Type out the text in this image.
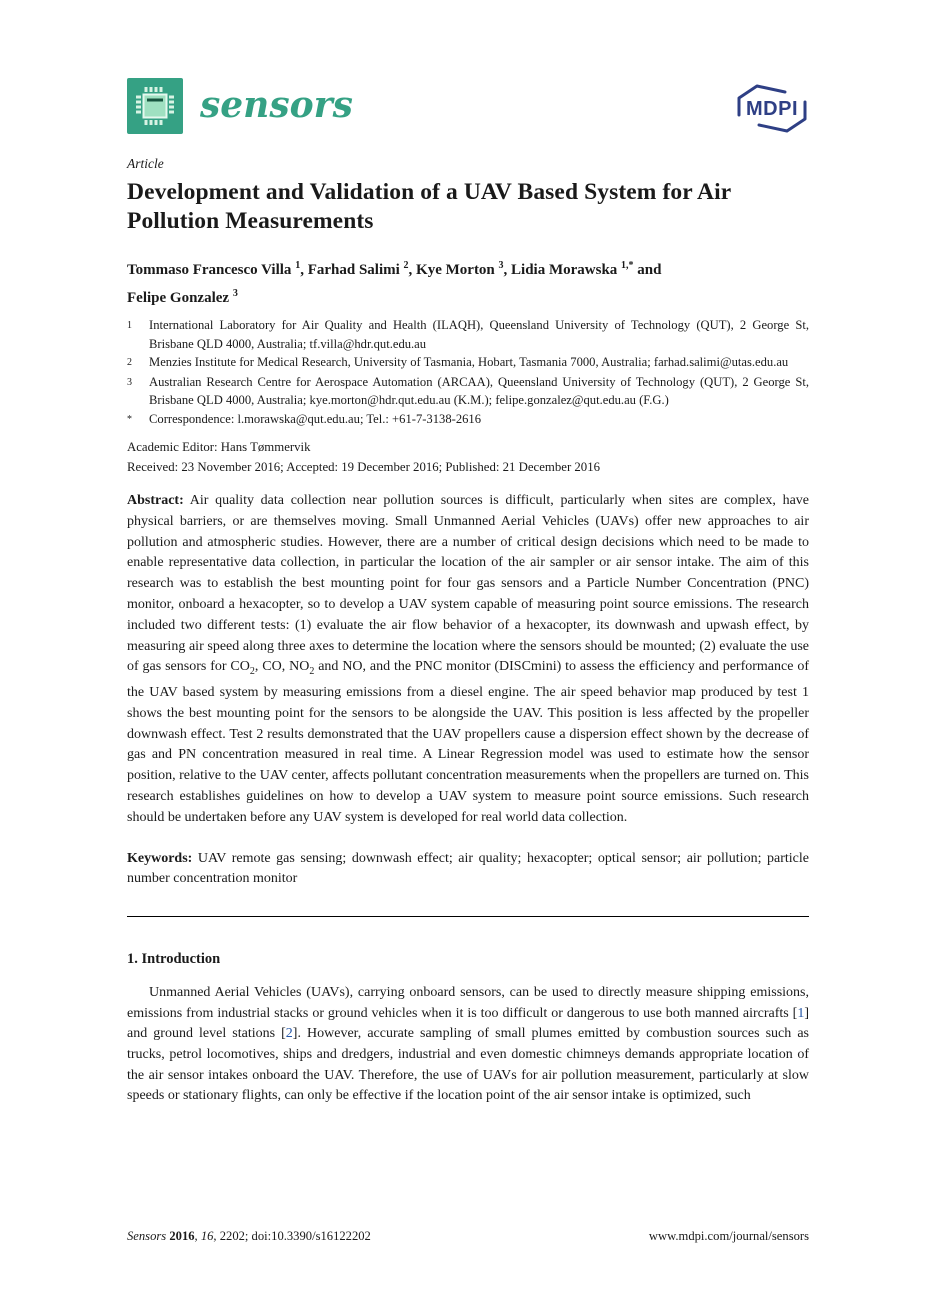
sensors	MDPI
Article
Development and Validation of a UAV Based System for Air Pollution Measurements
Tommaso Francesco Villa $^1$, Farhad Salimi $^2$, Kye Morton $^3$, Lidia Morawska $^{1,*}$ and
Felipe Gonzalez $^3$
1	International Laboratory for Air Quality and Health (ILAQH), Queensland University of Technology (QUT), 2 George St, Brisbane QLD 4000, Australia; tf.villa@hdr.qut.edu.au
2	Menzies Institute for Medical Research, University of Tasmania, Hobart, Tasmania 7000, Australia; farhad.salimi@utas.edu.au
3	Australian Research Centre for Aerospace Automation (ARCAA), Queensland University of Technology (QUT), 2 George St, Brisbane QLD 4000, Australia; kye.morton@hdr.qut.edu.au (K.M.); felipe.gonzalez@qut.edu.au (F.G.)
*	Correspondence: l.morawska@qut.edu.au; Tel.: +61-7-3138-2616
Academic Editor: Hans Tømmervik
Received: 23 November 2016; Accepted: 19 December 2016; Published: 21 December 2016

Abstract: Air quality data collection near pollution sources is difficult, particularly when sites are complex, have physical barriers, or are themselves moving. Small Unmanned Aerial Vehicles (UAVs) offer new approaches to air pollution and atmospheric studies. However, there are a number of critical design decisions which need to be made to enable representative data collection, in particular the location of the air sampler or air sensor intake. The aim of this research was to establish the best mounting point for four gas sensors and a Particle Number Concentration (PNC) monitor, onboard a hexacopter, so to develop a UAV system capable of measuring point source emissions. The research included two different tests: (1) evaluate the air flow behavior of a hexacopter, its downwash and upwash effect, by measuring air speed along three axes to determine the location where the sensors should be mounted; (2) evaluate the use of gas sensors for $CO_2$, CO, $NO_2$ and NO, and the PNC monitor (DISCmini) to assess the efficiency and performance of the UAV based system by measuring emissions from a diesel engine. The air speed behavior map produced by test 1 shows the best mounting point for the sensors to be alongside the UAV. This position is less affected by the propeller downwash effect. Test 2 results demonstrated that the UAV propellers cause a dispersion effect shown by the decrease of gas and PN concentration measured in real time. A Linear Regression model was used to estimate how the sensor position, relative to the UAV center, affects pollutant concentration measurements when the propellers are turned on. This research establishes guidelines on how to develop a UAV system to measure point source emissions. Such research should be undertaken before any UAV system is developed for real world data collection.

Keywords: UAV remote gas sensing; downwash effect; air quality; hexacopter; optical sensor; air pollution; particle number concentration monitor

1. Introduction

Unmanned Aerial Vehicles (UAVs), carrying onboard sensors, can be used to directly measure shipping emissions, emissions from industrial stacks or ground vehicles when it is too difficult or dangerous to use both manned aircrafts [1] and ground level stations [2]. However, accurate sampling of small plumes emitted by combustion sources such as trucks, petrol locomotives, ships and dredgers, industrial and even domestic chimneys demands appropriate location of the air sensor intakes onboard the UAV. Therefore, the use of UAVs for air pollution measurement, particularly at slow speeds or stationary flights, can only be effective if the location point of the air sensor intake is optimized, such

Sensors 2016, 16, 2202; doi:10.3390/s16122202	www.mdpi.com/journal/sensors
